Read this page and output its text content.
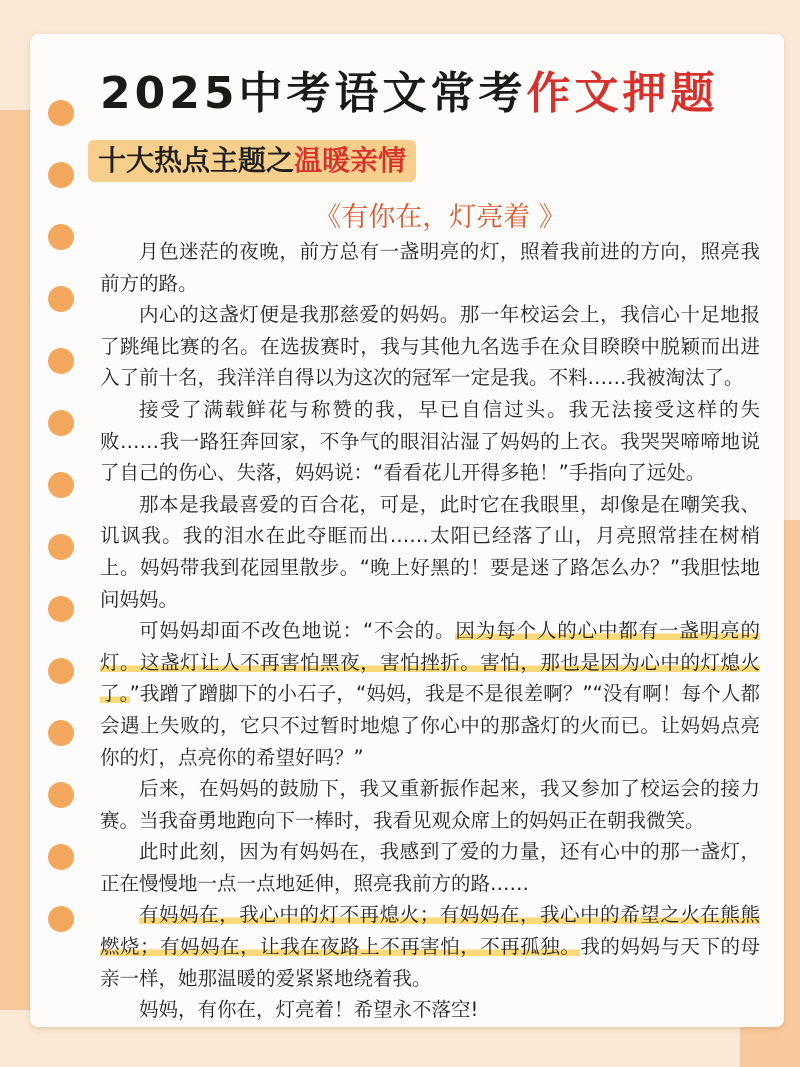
2025中考语文常考作文押题
十大热点主题之温暖亲情
《有你在，灯亮着 》

月色迷茫的夜晚，前方总有一盏明亮的灯，照着我前进的方向，照亮我前方的路。

内心的这盏灯便是我那慈爱的妈妈。那一年校运会上，我信心十足地报了跳绳比赛的名。在选拔赛时，我与其他九名选手在众目睽睽中脱颖而出进入了前十名，我洋洋自得以为这次的冠军一定是我。不料……我被淘汰了。

接受了满载鲜花与称赞的我，早已自信过头。我无法接受这样的失败……我一路狂奔回家，不争气的眼泪沾湿了妈妈的上衣。我哭哭啼啼地说了自己的伤心、失落，妈妈说：“看看花儿开得多艳！”手指向了远处。

那本是我最喜爱的百合花，可是，此时它在我眼里，却像是在嘲笑我、讥讽我。我的泪水在此夺眶而出……太阳已经落了山，月亮照常挂在树梢上。妈妈带我到花园里散步。“晚上好黑的！要是迷了路怎么办？”我胆怯地问妈妈。

可妈妈却面不改色地说：“不会的。因为每个人的心中都有一盏明亮的灯。这盏灯让人不再害怕黑夜，害怕挫折。害怕，那也是因为心中的灯熄火了。”我蹭了蹭脚下的小石子，“妈妈，我是不是很差啊？”“没有啊！每个人都会遇上失败的，它只不过暂时地熄了你心中的那盏灯的火而已。让妈妈点亮你的灯，点亮你的希望好吗？”

后来，在妈妈的鼓励下，我又重新振作起来，我又参加了校运会的接力赛。当我奋勇地跑向下一棒时，我看见观众席上的妈妈正在朝我微笑。

此时此刻，因为有妈妈在，我感到了爱的力量，还有心中的那一盏灯，正在慢慢地一点一点地延伸，照亮我前方的路……

有妈妈在，我心中的灯不再熄火；有妈妈在，我心中的希望之火在熊熊燃烧；有妈妈在，让我在夜路上不再害怕，不再孤独。我的妈妈与天下的母亲一样，她那温暖的爱紧紧地绕着我。

妈妈，有你在，灯亮着！希望永不落空!
